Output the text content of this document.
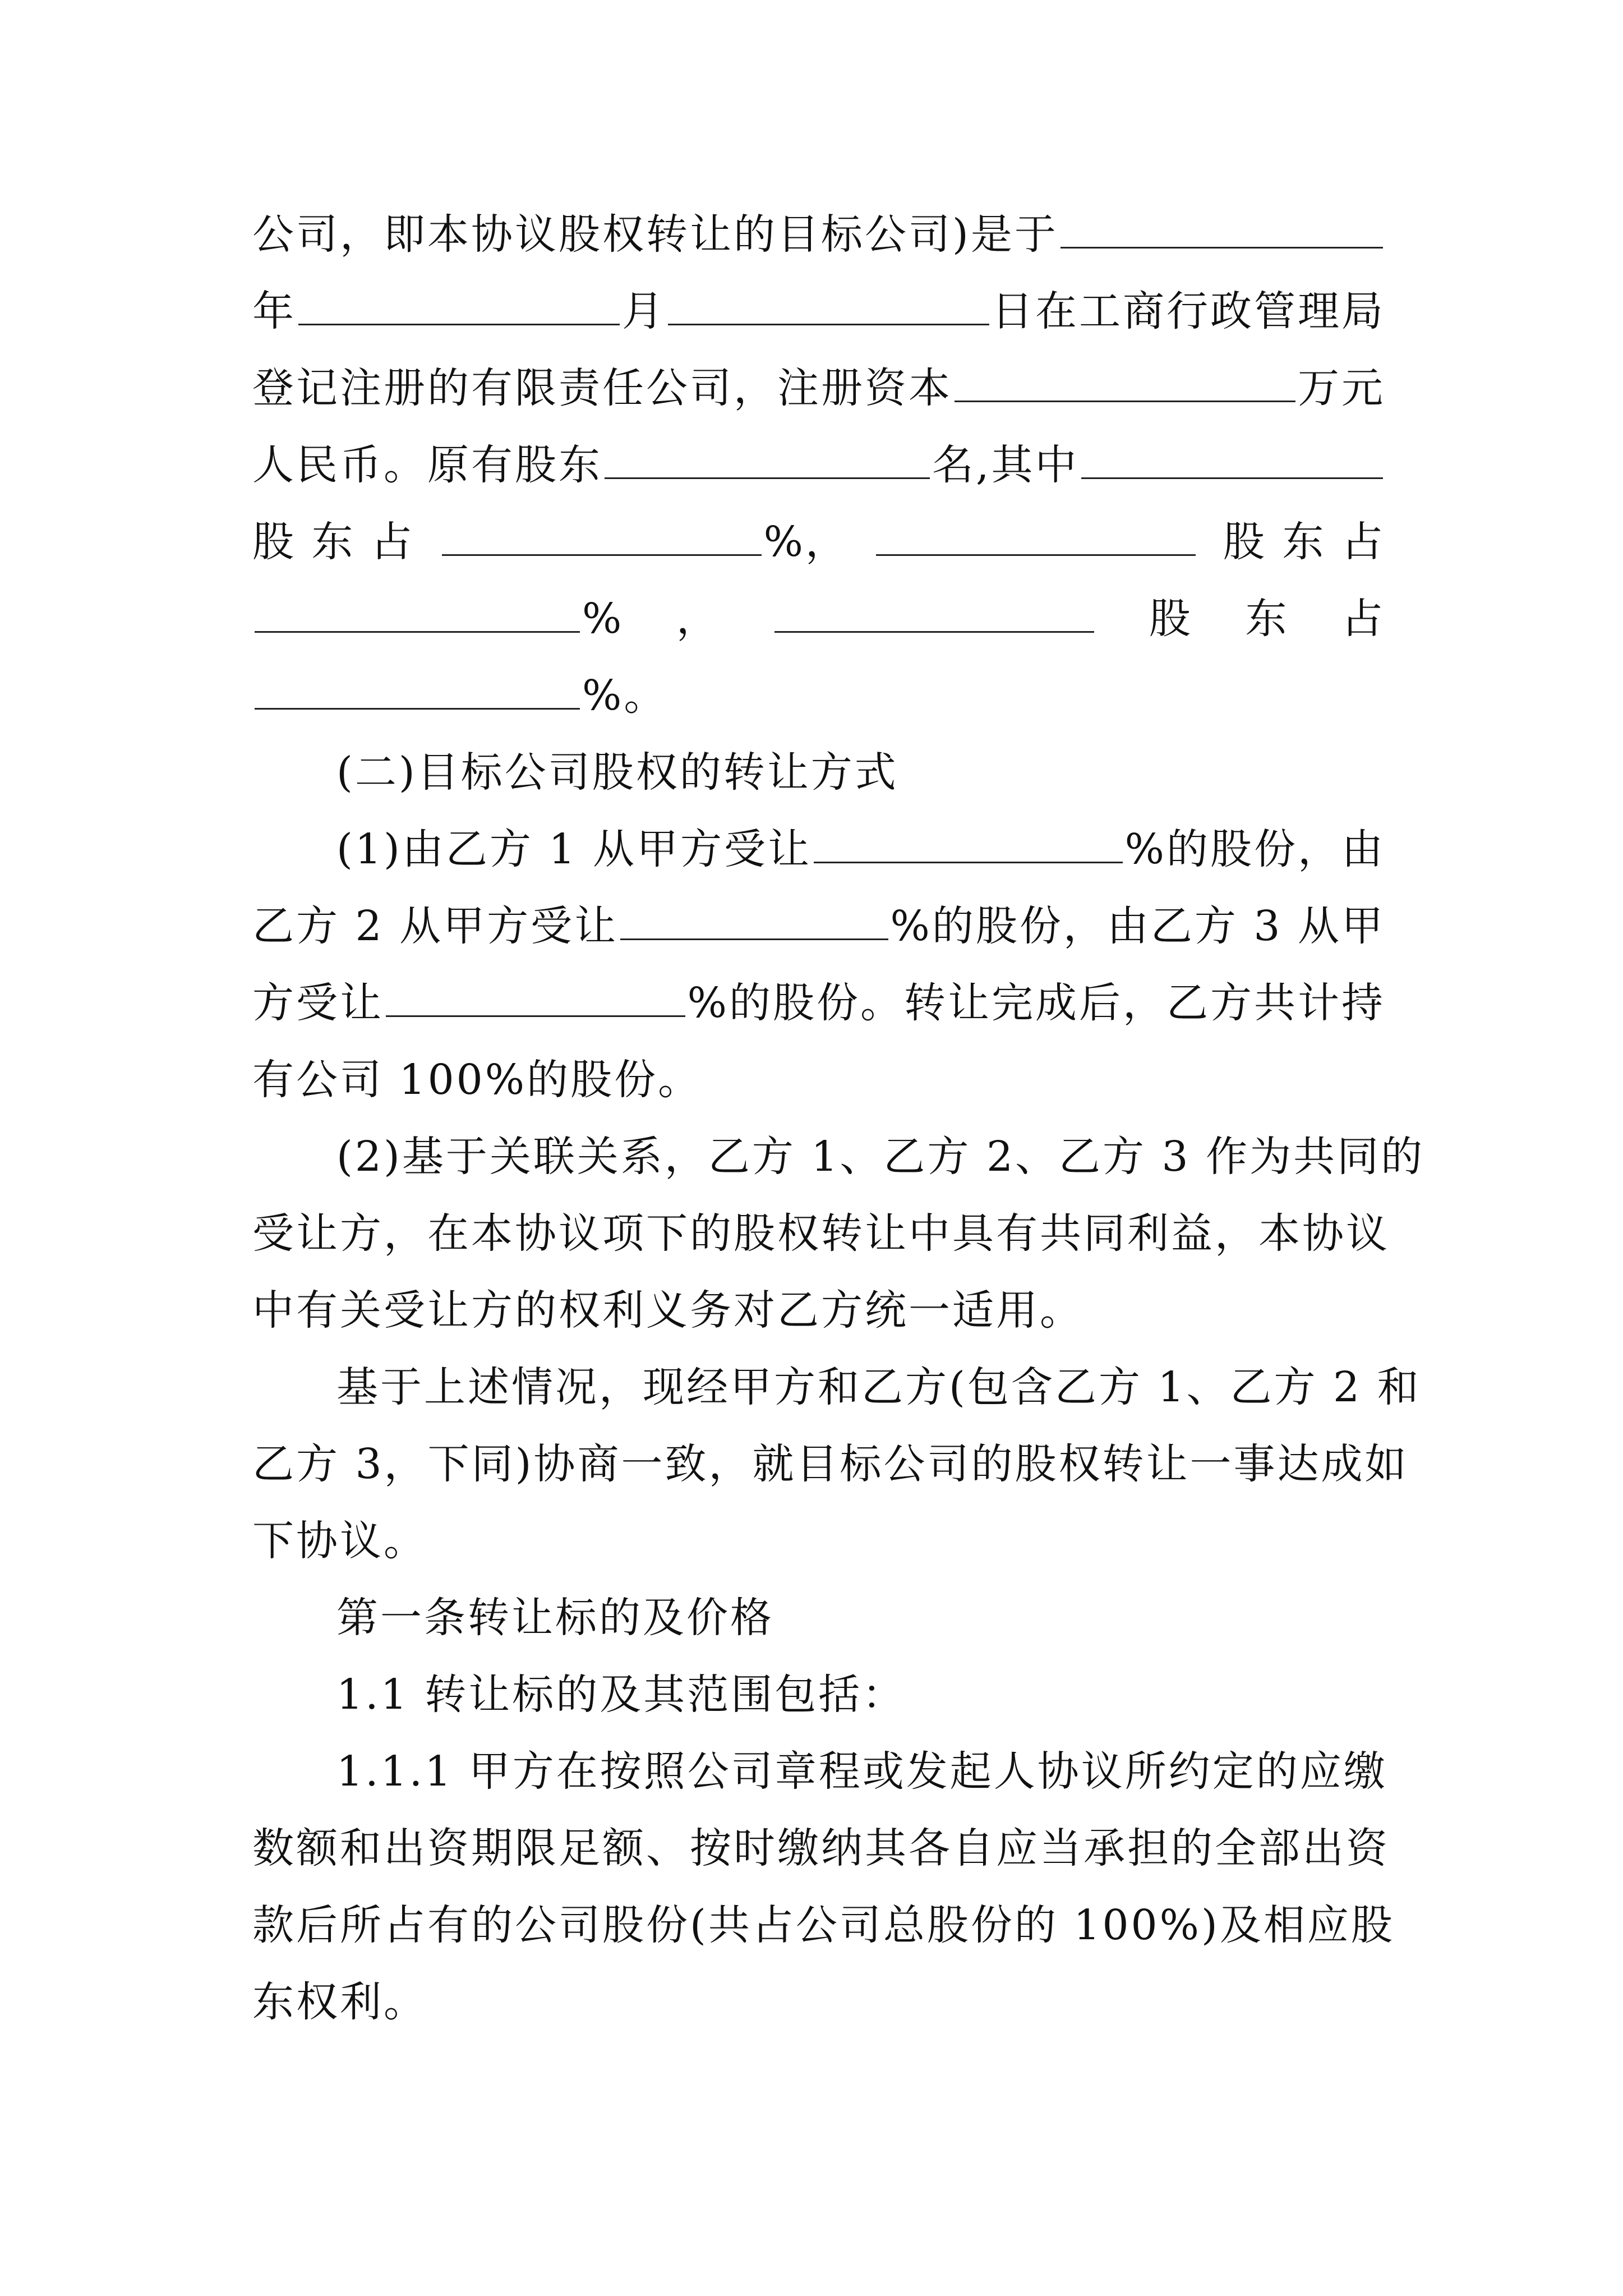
公司，即本协议股权转让的目标公司)是于
年	月	日在工商行政管理局
登记注册的有限责任公司，注册资本	万元
人民币。原有股东	名,其中
股 东 占	%，	股 东 占
% ，	股 东 占
%。
(二)目标公司股权的转让方式
(1)由乙方 1 从甲方受让	%的股份，由
乙方 2 从甲方受让	%的股份，由乙方 3 从甲
方受让	%的股份。转让完成后，乙方共计持
有公司 100%的股份。
(2)基于关联关系，乙方 1、乙方 2、乙方 3 作为共同的
受让方，在本协议项下的股权转让中具有共同利益，本协议
中有关受让方的权利义务对乙方统一适用。
基于上述情况，现经甲方和乙方(包含乙方 1、乙方 2 和
乙方 3，下同)协商一致，就目标公司的股权转让一事达成如
下协议。
第一条转让标的及价格
1.1 转让标的及其范围包括：
1.1.1 甲方在按照公司章程或发起人协议所约定的应缴
数额和出资期限足额、按时缴纳其各自应当承担的全部出资
款后所占有的公司股份(共占公司总股份的 100%)及相应股
东权利。
